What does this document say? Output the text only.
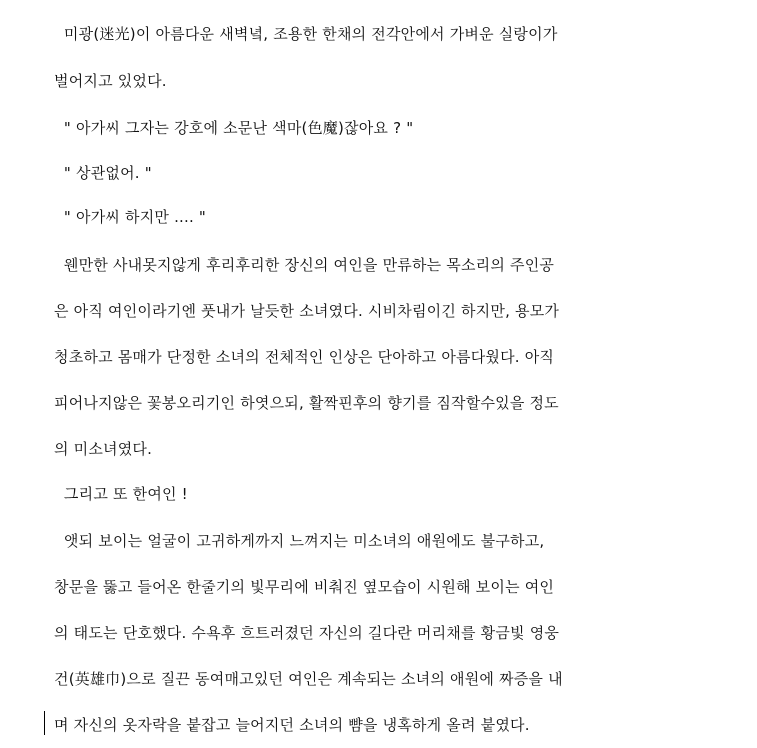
미광(迷光)이 아름다운 새벽녘, 조용한 한채의 전각안에서 가벼운 실랑이가
벌어지고 있었다.
" 아가씨 그자는 강호에 소문난 색마(色魔)잖아요 ? "
" 상관없어. "
" 아가씨 하지만 .... "
웬만한 사내못지않게 후리후리한 장신의 여인을 만류하는 목소리의 주인공
은 아직 여인이라기엔 풋내가 날듯한 소녀였다. 시비차림이긴 하지만, 용모가
청초하고 몸매가 단정한 소녀의 전체적인 인상은 단아하고 아름다웠다. 아직
피어나지않은 꽃봉오리기인 하엿으되, 활짝핀후의 향기를 짐작할수있을 정도
의 미소녀였다.
그리고 또 한여인 !
앳되 보이는 얼굴이 고귀하게까지 느껴지는 미소녀의 애원에도 불구하고,
창문을 뚫고 들어온 한줄기의 빛무리에 비춰진 옆모습이 시원해 보이는 여인
의 태도는 단호했다. 수욕후 흐트러졌던 자신의 길다란 머리채를 황금빛 영웅
건(英雄巾)으로 질끈 동여매고있던 여인은 계속되는 소녀의 애원에 짜증을 내
며 자신의 옷자락을 붙잡고 늘어지던 소녀의 뺨을 냉혹하게 올려 붙였다.
